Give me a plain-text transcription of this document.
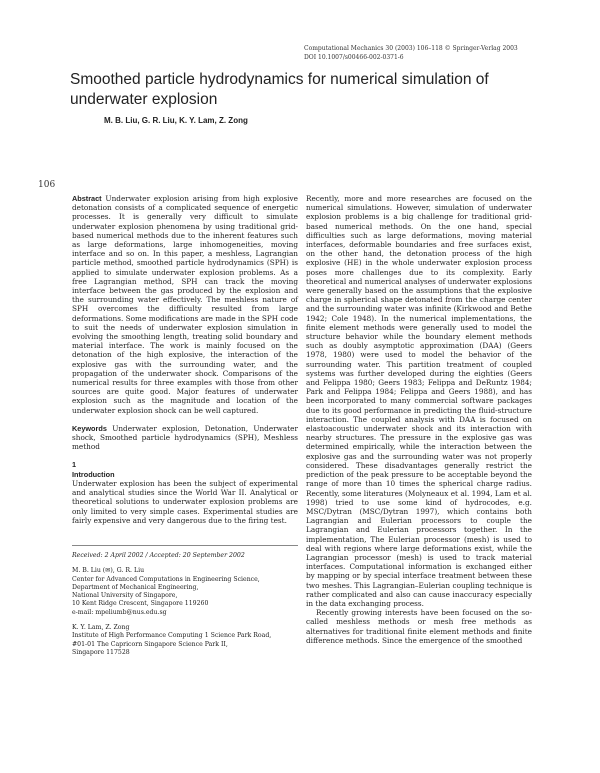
Computational Mechanics 30 (2003) 106–118 © Springer-Verlag 2003
DOI 10.1007/s00466-002-0371-6
Smoothed particle hydrodynamics for numerical simulation of underwater explosion
M. B. Liu, G. R. Liu, K. Y. Lam, Z. Zong
106

Abstract Underwater explosion arising from high explosive detonation consists of a complicated sequence of energetic processes. It is generally very difficult to simulate underwater explosion phenomena by using traditional grid-based numerical methods due to the inherent features such as large deformations, large inhomogeneities, moving interface and so on. In this paper, a meshless, Lagrangian particle method, smoothed particle hydrodynamics (SPH) is applied to simulate underwater explosion problems. As a free Lagrangian method, SPH can track the moving interface between the gas produced by the explosion and the surrounding water effectively. The meshless nature of SPH overcomes the difficulty resulted from large deformations. Some modifications are made in the SPH code to suit the needs of underwater explosion simulation in evolving the smoothing length, treating solid boundary and material interface. The work is mainly focused on the detonation of the high explosive, the interaction of the explosive gas with the surrounding water, and the propagation of the underwater shock. Comparisons of the numerical results for three examples with those from other sources are quite good. Major features of underwater explosion such as the magnitude and location of the underwater explosion shock can be well captured.

Keywords Underwater explosion, Detonation, Underwater shock, Smoothed particle hydrodynamics (SPH), Meshless method

1

Introduction

Underwater explosion has been the subject of experimental and analytical studies since the World War II. Analytical or theoretical solutions to underwater explosion problems are only limited to very simple cases. Experimental studies are fairly expensive and very dangerous due to the firing test.

Recently, more and more researches are focused on the numerical simulations. However, simulation of underwater explosion problems is a big challenge for traditional grid-based numerical methods. On the one hand, special difficulties such as large deformations, moving material interfaces, deformable boundaries and free surfaces exist, on the other hand, the detonation process of the high explosive (HE) in the whole underwater explosion process poses more challenges due to its complexity. Early theoretical and numerical analyses of underwater explosions were generally based on the assumptions that the explosive charge in spherical shape detonated from the charge center and the surrounding water was infinite (Kirkwood and Bethe 1942; Cole 1948). In the numerical implementations, the finite element methods were generally used to model the structure behavior while the boundary element methods such as doubly asymptotic approximation (DAA) (Geers 1978, 1980) were used to model the behavior of the surrounding water. This partition treatment of coupled systems was further developed during the eighties (Geers and Felippa 1980; Geers 1983; Felippa and DeRuntz 1984; Park and Felippa 1984; Felippa and Geers 1988), and has been incorporated to many commercial software packages due to its good performance in predicting the fluid-structure interaction. The coupled analysis with DAA is focused on elastoacoustic underwater shock and its interaction with nearby structures. The pressure in the explosive gas was determined empirically, while the interaction between the explosive gas and the surrounding water was not properly considered. These disadvantages generally restrict the prediction of the peak pressure to be acceptable beyond the range of more than 10 times the spherical charge radius. Recently, some literatures (Molyneaux et al. 1994, Lam et al. 1998) tried to use some kind of hydrocodes, e.g. MSC/Dytran (MSC/Dytran 1997), which contains both Lagrangian and Eulerian processors to couple the Lagrangian and Eulerian processors together. In the implementation, The Eulerian processor (mesh) is used to deal with regions where large deformations exist, while the Lagrangian processor (mesh) is used to track material interfaces. Computational information is exchanged either by mapping or by special interface treatment between these two meshes. This Lagrangian–Eulerian coupling technique is rather complicated and also can cause inaccuracy especially in the data exchanging process.

Recently growing interests have been focused on the so-called meshless methods or mesh free methods as alternatives for traditional finite element methods and finite difference methods. Since the emergence of the smoothed

Received: 2 April 2002 / Accepted: 20 September 2002

M. B. Liu (✉), G. R. Liu

Center for Advanced Computations in Engineering Science,

Department of Mechanical Engineering,

National University of Singapore,

10 Kent Ridge Crescent, Singapore 119260

e-mail: mpeliumb@nus.edu.sg

K. Y. Lam, Z. Zong

Institute of High Performance Computing 1 Science Park Road,

#01-01 The Capricorn Singapore Science Park II,

Singapore 117528
